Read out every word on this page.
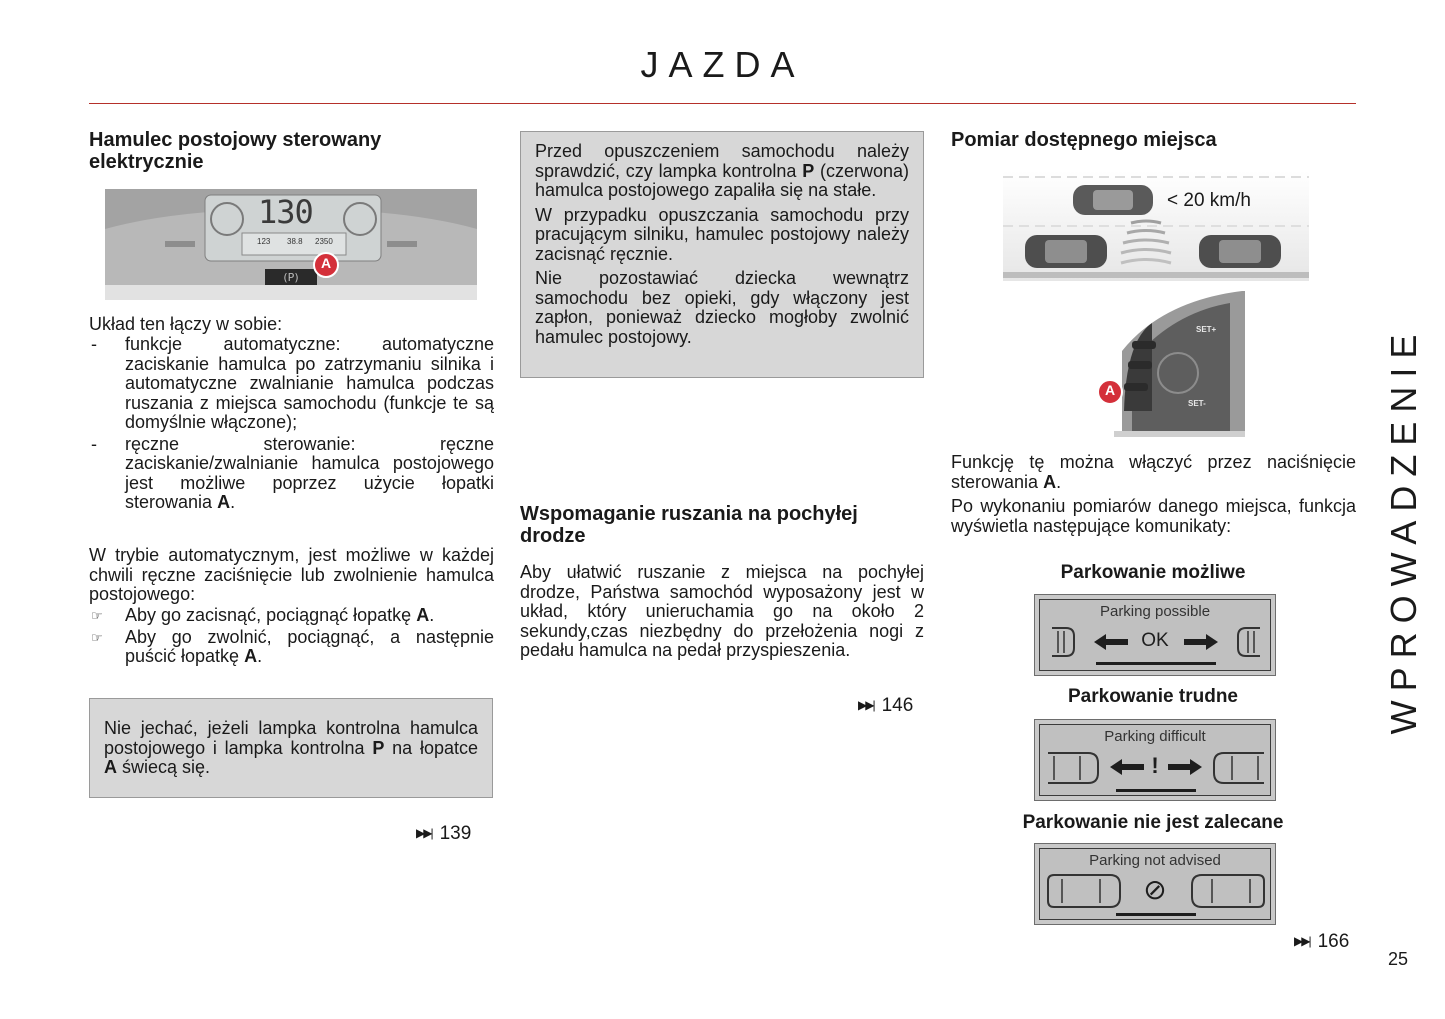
JAZDA
WPROWADZENIE
25
Hamulec postojowy sterowany elektrycznie
(P)
130
123 38.8 2350
A
Układ ten łączy w sobie:
- funkcje automatyczne: automatyczne zaciskanie hamulca po zatrzymaniu silnika i automatyczne zwalnianie hamulca podczas ruszania z miejsca samochodu (funkcje te są domyślnie włączone);
- ręczne sterowanie: ręczne zaciskanie/zwalnianie hamulca postojowego jest możliwe poprzez użycie łopatki sterowania A.
W trybie automatycznym, jest możliwe w każdej chwili ręczne zaciśnięcie lub zwolnienie hamulca postojowego:
☞ Aby go zacisnąć, pociągnąć łopatkę A.
☞ Aby go zwolnić, pociągnąć, a następnie puścić łopatkę A.
Nie jechać, jeżeli lampka kontrolna hamulca postojowego i lampka kontrolna P na łopatce A świecą się.
▶▶| 139

Przed opuszczeniem samochodu należy sprawdzić, czy lampka kontrolna P (czerwona) hamulca postojowego zapaliła się na stałe.

W przypadku opuszczania samochodu przy pracującym silniku, hamulec postojowy należy zacisnąć ręcznie.

Nie pozostawiać dziecka wewnątrz samochodu bez opieki, gdy włączony jest zapłon, ponieważ dziecko mogłoby zwolnić hamulec postojowy.

Wspomaganie ruszania na pochyłej drodze
Aby ułatwić ruszanie z miejsca na pochyłej drodze, Państwa samochód wyposażony jest w układ, który unieruchamia go na około 2 sekundy,czas niezbędny do przełożenia nogi z pedału hamulca na pedał przyspieszenia.
▶▶| 146
Pomiar dostępnego miejsca
< 20 km/h
SET+
SET-
A
Funkcję tę można włączyć przez naciśnięcie sterowania A.
Po wykonaniu pomiarów danego miejsca, funkcja wyświetla następujące komunikaty:
Parkowanie możliwe
Parking possible
OK
Parkowanie trudne
Parking difficult
!
Parkowanie nie jest zalecane
Parking not advised
⊘
▶▶| 166
